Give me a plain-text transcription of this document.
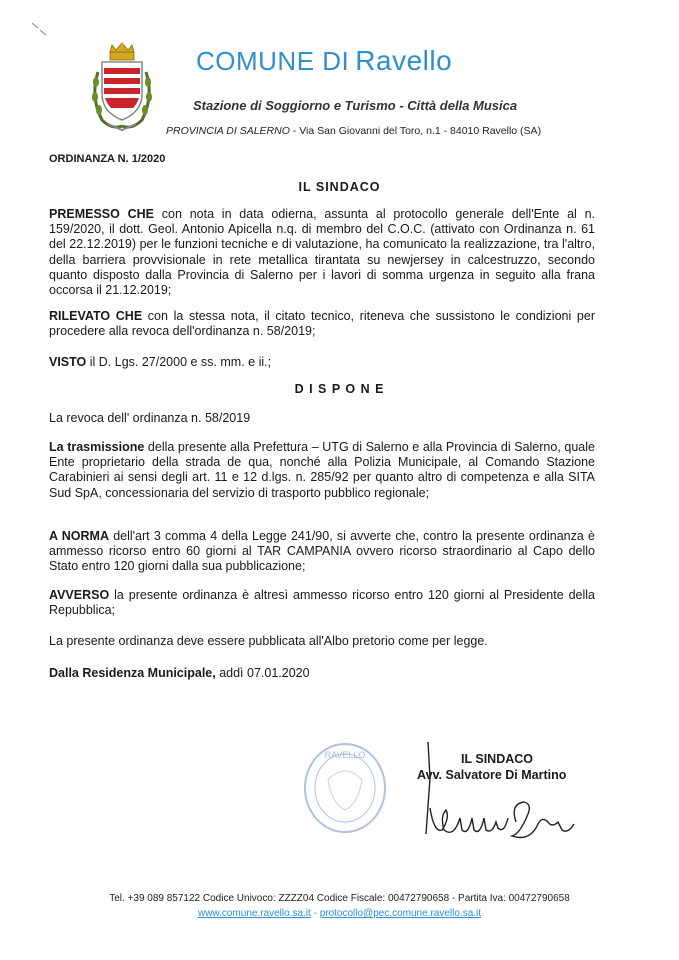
COMUNE DI Ravello
Stazione di Soggiorno e Turismo - Città della Musica
PROVINCIA DI SALERNO - Via San Giovanni del Toro, n.1 - 84010 Ravello (SA)
ORDINANZA N. 1/2020
IL SINDACO
PREMESSO CHE con nota in data odierna, assunta al protocollo generale dell'Ente al n. 159/2020, il dott. Geol. Antonio Apicella n.q. di membro del C.O.C. (attivato con Ordinanza n. 61 del 22.12.2019) per le funzioni tecniche e di valutazione, ha comunicato la realizzazione, tra l'altro, della barriera provvisionale in rete metallica tirantata su newjersey in calcestruzzo, secondo quanto disposto dalla Provincia di Salerno per i lavori di somma urgenza in seguito alla frana occorsa il 21.12.2019;
RILEVATO CHE con la stessa nota, il citato tecnico, riteneva che sussistono le condizioni per procedere alla revoca dell'ordinanza n. 58/2019;
VISTO il D. Lgs. 27/2000 e ss. mm. e ii.;
D I S P O N E
La revoca dell' ordinanza n. 58/2019
La trasmissione della presente alla Prefettura – UTG di Salerno e alla Provincia di Salerno, quale Ente proprietario della strada de qua, nonché alla Polizia Municipale, al Comando Stazione Carabinieri ai sensi degli art. 11 e 12 d.lgs. n. 285/92 per quanto altro di competenza e alla SITA Sud SpA, concessionaria del servizio di trasporto pubblico regionale;
A NORMA dell'art 3 comma 4 della Legge 241/90, si avverte che, contro la presente ordinanza è ammesso ricorso entro 60 giorni al TAR CAMPANIA ovvero ricorso straordinario al Capo dello Stato entro 120 giorni dalla sua pubblicazione;
AVVERSO la presente ordinanza è altresì ammesso ricorso entro 120 giorni al Presidente della Repubblica;
La presente ordinanza deve essere pubblicata all'Albo pretorio come per legge.
Dalla Residenza Municipale, addì 07.01.2020
RAVELLO	IL SINDACO
Avv. Salvatore Di Martino
Tel. +39 089 857122 Codice Univoco: ZZZZ04 Codice Fiscale: 00472790658 - Partita Iva: 00472790658
www.comune.ravello.sa.it - protocollo@pec.comune.ravello.sa.it
